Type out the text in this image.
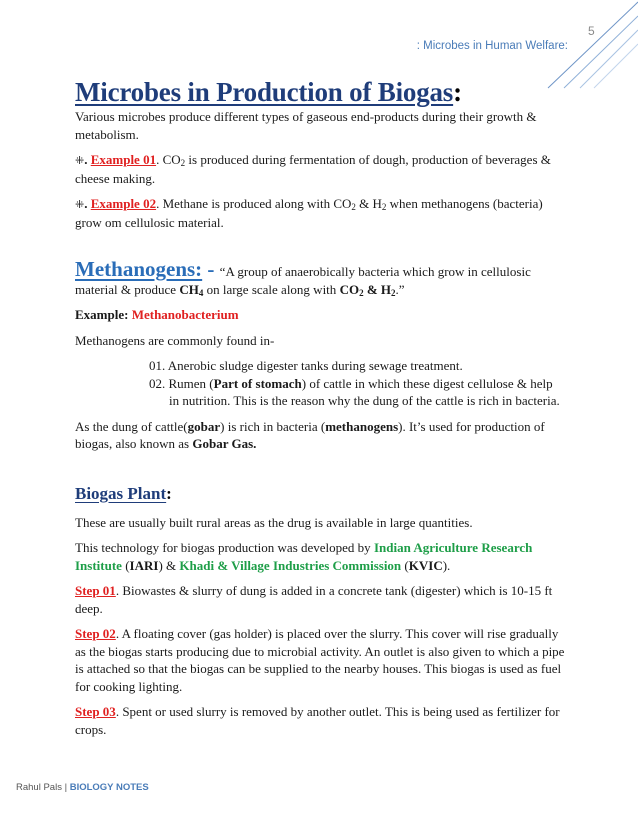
5
: Microbes in Human Welfare:
Microbes in Production of Biogas:

Various microbes produce different types of gaseous end-products during their growth & metabolism.

⁜. Example 01. $CO_2$ is produced during fermentation of dough, production of beverages & cheese making.

⁜. Example 02. Methane is produced along with $CO_2$ & $H_2$ when methanogens (bacteria) grow om cellulosic material.

Methanogens: - “A group of anaerobically bacteria which grow in cellulosic material & produce $CH_4$ on large scale along with $CO_2$ & $H_2$.”

Example: Methanobacterium

Methanogens are commonly found in-

01. Anerobic sludge digester tanks during sewage treatment.
02. Rumen (Part of stomach) of cattle in which these digest cellulose & help in nutrition. This is the reason why the dung of the cattle is rich in bacteria.

As the dung of cattle(gobar) is rich in bacteria (methanogens). It’s used for production of biogas, also known as Gobar Gas.

Biogas Plant:

These are usually built rural areas as the drug is available in large quantities.

This technology for biogas production was developed by Indian Agriculture Research Institute (IARI) & Khadi & Village Industries Commission (KVIC).

Step 01. Biowastes & slurry of dung is added in a concrete tank (digester) which is 10-15 ft deep.

Step 02. A floating cover (gas holder) is placed over the slurry. This cover will rise gradually as the biogas starts producing due to microbial activity. An outlet is also given to which a pipe is attached so that the biogas can be supplied to the nearby houses. This biogas is used as fuel for cooking lighting.

Step 03. Spent or used slurry is removed by another outlet. This is being used as fertilizer for crops.

Rahul Pals | BIOLOGY NOTES
